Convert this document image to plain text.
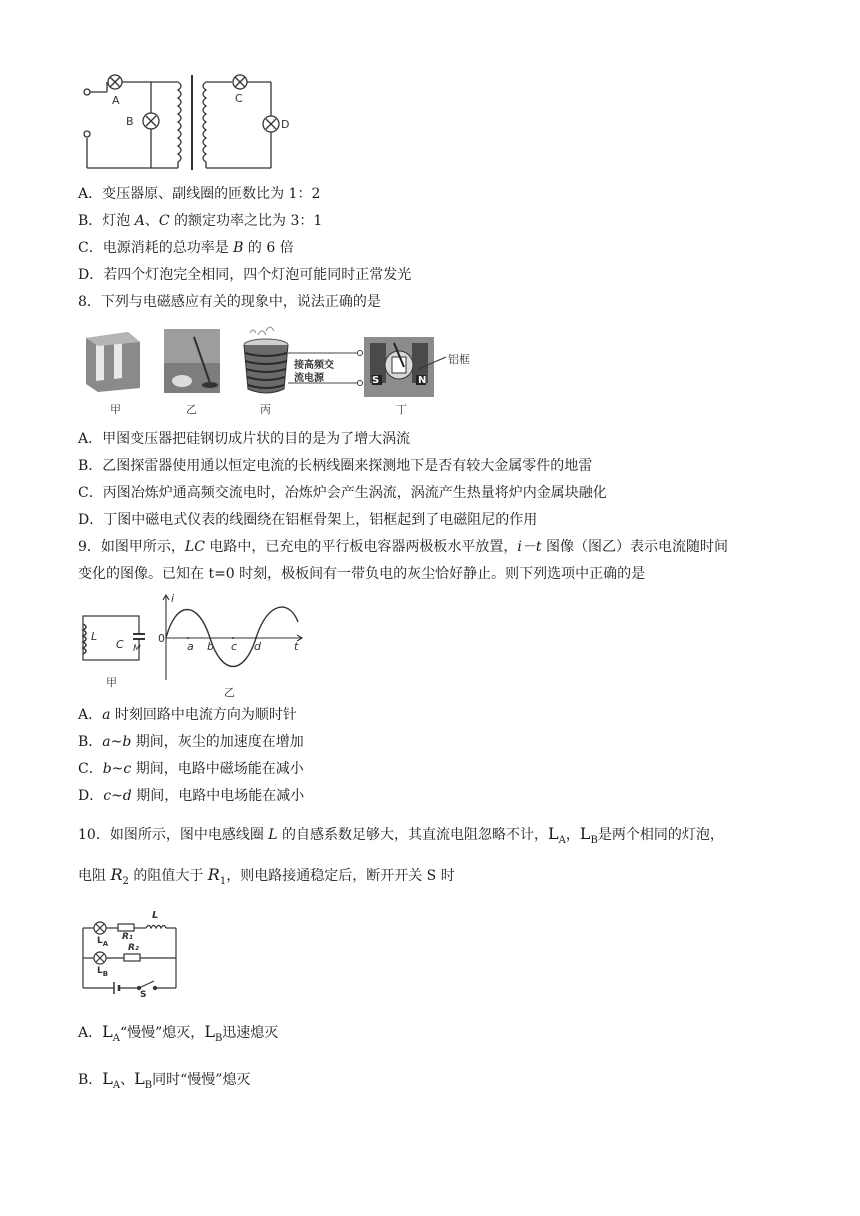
A
B
C
D
A．变压器原、副线圈的匝数比为 1：2
B．灯泡 A、C 的额定功率之比为 3：1
C．电源消耗的总功率是 B 的 6 倍
D．若四个灯泡完全相同，四个灯泡可能同时正常发光
8．下列与电磁感应有关的现象中，说法正确的是
甲	乙
接高频交
流电源
丙
S	N
铝框
丁
A．甲图变压器把硅钢切成片状的目的是为了增大涡流
B．乙图探雷器使用通以恒定电流的长柄线圈来探测地下是否有较大金属零件的地雷
C．丙图冶炼炉通高频交流电时，冶炼炉会产生涡流，涡流产生热量将炉内金属块融化
D．丁图中磁电式仪表的线圈绕在铝框骨架上，铝框起到了电磁阻尼的作用
9．如图甲所示，LC 电路中，已充电的平行板电容器两极板水平放置，i－t 图像（图乙）表示电流随时间
变化的图像。已知在 t=0 时刻，极板间有一带负电的灰尘恰好静止。则下列选项中正确的是
L
C M
甲
i
0
t
a b c d
乙
A．a 时刻回路中电流方向为顺时针
B．a~b 期间，灰尘的加速度在增加
C．b~c 期间，电路中磁场能在减小
D．c~d 期间，电路中电场能在减小
10．如图所示，图中电感线圈 L 的自感系数足够大，其直流电阻忽略不计，$L_A$，$L_B$是两个相同的灯泡，
电阻 $R_2$ 的阻值大于 $R_1$，则电路接通稳定后，断开开关 S 时
L
$L_A$
R₁
$L_B$
R₂
S
A．$L_A“$慢慢”熄灭，$L_B$迅速熄灭
B．$L_A$、$L_B$同时“慢慢”熄灭
